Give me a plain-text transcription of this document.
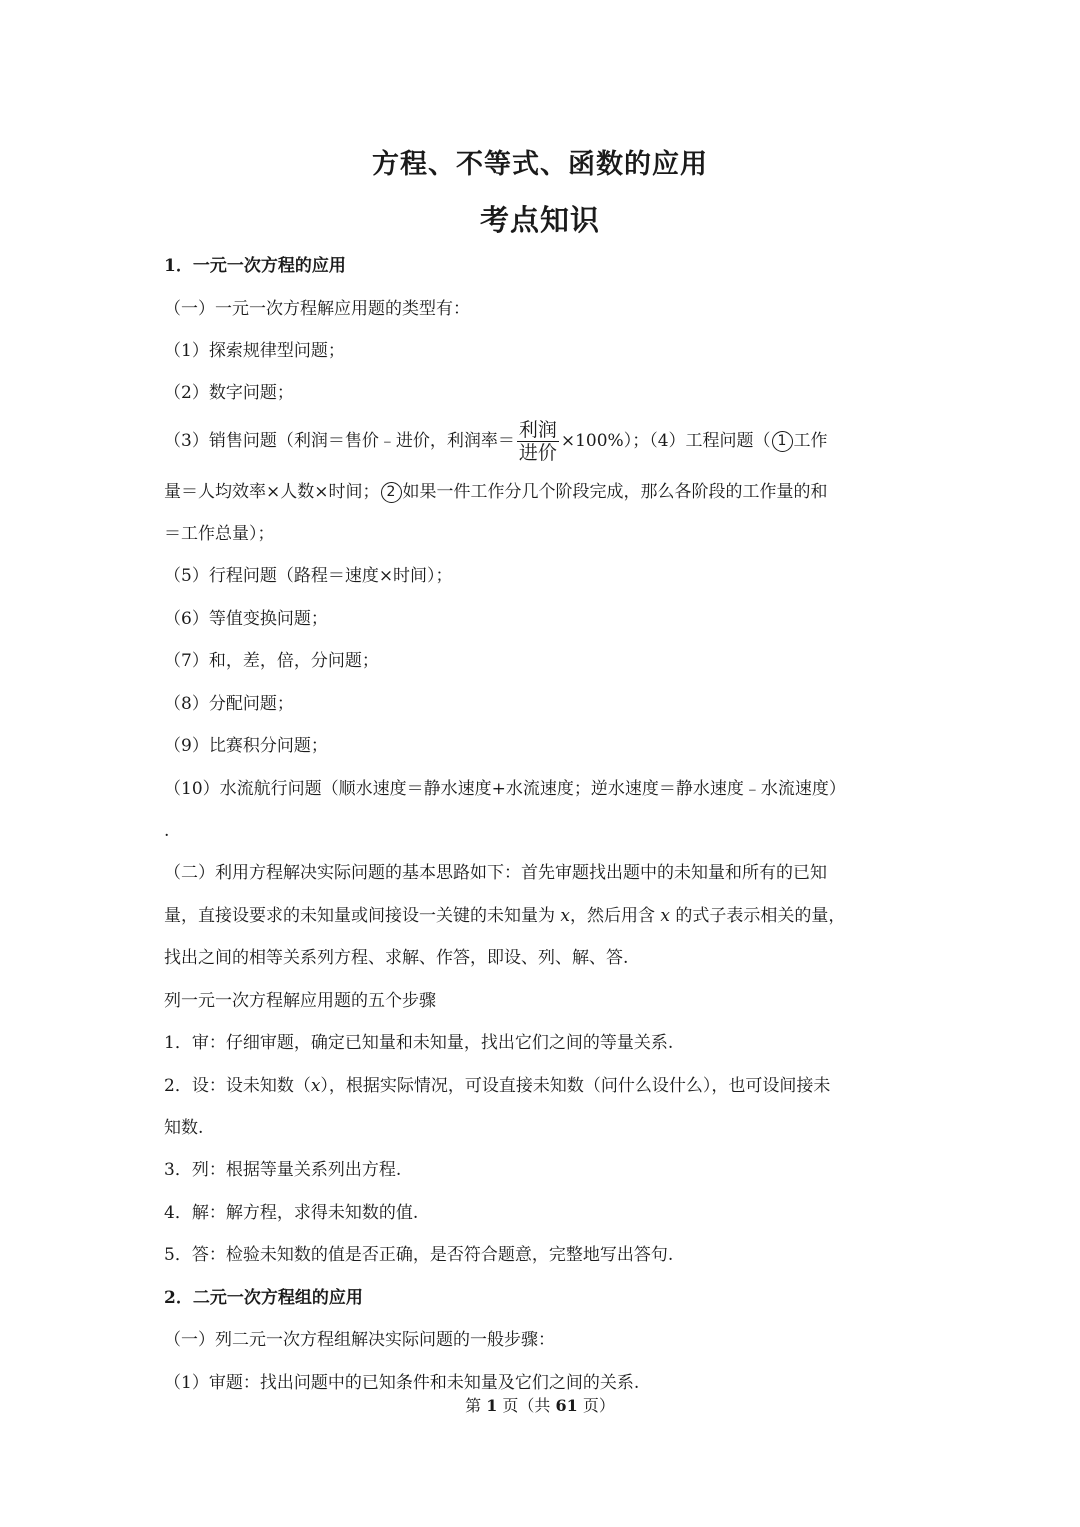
方程、不等式、函数的应用
考点知识
1．一元一次方程的应用
（一）一元一次方程解应用题的类型有：
（1）探索规律型问题；
（2）数字问题；
（3）销售问题（利润＝售价﹣进价，利润率＝ $\frac{\text{利润}}{\text{进价}} \times 100\%$）；（4）工程问题（ 1 工作
量＝人均效率×人数×时间； 2 如果一件工作分几个阶段完成，那么各阶段的工作量的和
＝工作总量）；
（5）行程问题（路程＝速度×时间）；
（6）等值变换问题；
（7）和，差，倍，分问题；
（8）分配问题；
（9）比赛积分问题；
（10）水流航行问题（顺水速度＝静水速度+水流速度；逆水速度＝静水速度﹣水流速度）
.
（二）利用方程解决实际问题的基本思路如下：首先审题找出题中的未知量和所有的已知
量，直接设要求的未知量或间接设一关键的未知量为 x，然后用含 x 的式子表示相关的量，
找出之间的相等关系列方程、求解、作答，即设、列、解、答.
列一元一次方程解应用题的五个步骤
1．审：仔细审题，确定已知量和未知量，找出它们之间的等量关系.
2．设：设未知数（x），根据实际情况，可设直接未知数（问什么设什么），也可设间接未
知数.
3．列：根据等量关系列出方程.
4．解：解方程，求得未知数的值.
5．答：检验未知数的值是否正确，是否符合题意，完整地写出答句.
2．二元一次方程组的应用
（一）列二元一次方程组解决实际问题的一般步骤：
（1）审题：找出问题中的已知条件和未知量及它们之间的关系.
第 1 页（共 61 页）
